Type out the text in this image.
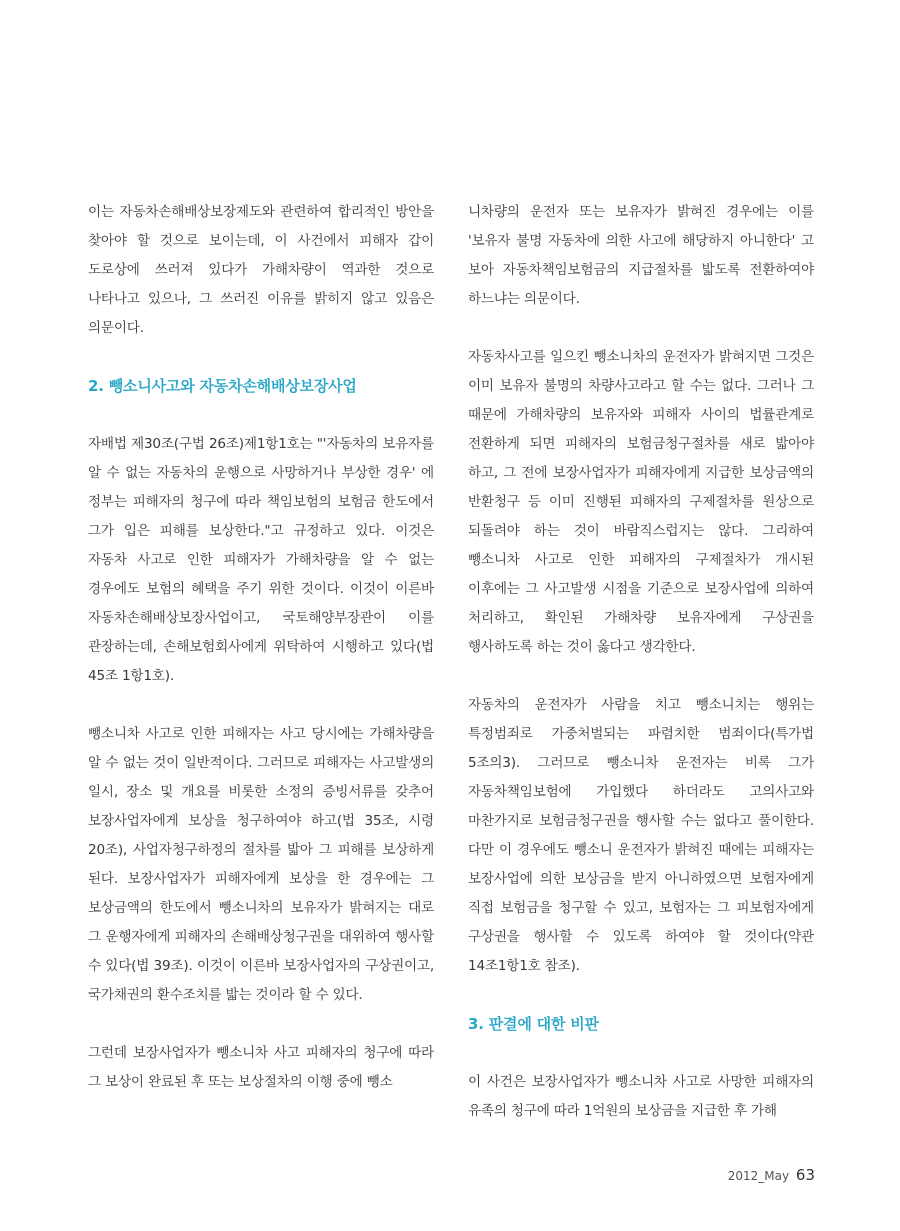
이는 자동차손해배상보장제도와 관련하여 합리적인 방안을 찾아야 할 것으로 보이는데, 이 사건에서 피해자 갑이 도로상에 쓰러져 있다가 가해차량이 역과한 것으로 나타나고 있으나, 그 쓰러진 이유를 밝히지 않고 있음은 의문이다.

2. 뺑소니사고와 자동차손해배상보장사업

자배법 제30조(구법 26조)제1항1호는 "'자동차의 보유자를 알 수 없는 자동차의 운행으로 사망하거나 부상한 경우' 에 정부는 피해자의 청구에 따라 책임보험의 보험금 한도에서 그가 입은 피해를 보상한다."고 규정하고 있다. 이것은 자동차 사고로 인한 피해자가 가해차량을 알 수 없는 경우에도 보험의 혜택을 주기 위한 것이다. 이것이 이른바 자동차손해배상보장사업이고, 국토해양부장관이 이를 관장하는데, 손해보험회사에게 위탁하여 시행하고 있다(법 45조 1항1호).

뺑소니차 사고로 인한 피해자는 사고 당시에는 가해차량을 알 수 없는 것이 일반적이다. 그러므로 피해자는 사고발생의 일시, 장소 및 개요를 비롯한 소정의 증빙서류를 갖추어 보장사업자에게 보상을 청구하여야 하고(법 35조, 시령 20조), 사업자청구하정의 절차를 밟아 그 피해를 보상하게 된다. 보장사업자가 피해자에게 보상을 한 경우에는 그 보상금액의 한도에서 뺑소니차의 보유자가 밝혀지는 대로 그 운행자에게 피해자의 손해배상청구권을 대위하여 행사할 수 있다(법 39조). 이것이 이른바 보장사업자의 구상권이고, 국가채권의 환수조치를 밟는 것이라 할 수 있다.

그런데 보장사업자가 뺑소니차 사고 피해자의 청구에 따라 그 보상이 완료된 후 또는 보상절차의 이행 중에 뺑소

니차량의 운전자 또는 보유자가 밝혀진 경우에는 이를 '보유자 불명 자동차에 의한 사고에 해당하지 아니한다' 고 보아 자동차책임보험금의 지급절차를 밟도록 전환하여야 하느냐는 의문이다.

자동차사고를 일으킨 뺑소니차의 운전자가 밝혀지면 그것은 이미 보유자 불명의 차량사고라고 할 수는 없다. 그러나 그 때문에 가해차량의 보유자와 피해자 사이의 법률관계로 전환하게 되면 피해자의 보험금청구절차를 새로 밟아야 하고, 그 전에 보장사업자가 피해자에게 지급한 보상금액의 반환청구 등 이미 진행된 피해자의 구제절차를 원상으로 되돌려야 하는 것이 바람직스럽지는 않다. 그리하여 뺑소니차 사고로 인한 피해자의 구제절차가 개시된 이후에는 그 사고발생 시점을 기준으로 보장사업에 의하여 처리하고, 확인된 가해차량 보유자에게 구상권을 행사하도록 하는 것이 옳다고 생각한다.

자동차의 운전자가 사람을 치고 뺑소니치는 행위는 특정범죄로 가중처벌되는 파렴치한 범죄이다(특가법 5조의3). 그러므로 뺑소니차 운전자는 비록 그가 자동차책임보험에 가입했다 하더라도 고의사고와 마찬가지로 보험금청구권을 행사할 수는 없다고 풀이한다. 다만 이 경우에도 뺑소니 운전자가 밝혀진 때에는 피해자는 보장사업에 의한 보상금을 받지 아니하였으면 보험자에게 직접 보험금을 청구할 수 있고, 보험자는 그 피보험자에게 구상권을 행사할 수 있도록 하여야 할 것이다(약관 14조1항1호 참조).

3. 판결에 대한 비판

이 사건은 보장사업자가 뺑소니차 사고로 사망한 피해자의 유족의 청구에 따라 1억원의 보상금을 지급한 후 가해

2012_May 63
